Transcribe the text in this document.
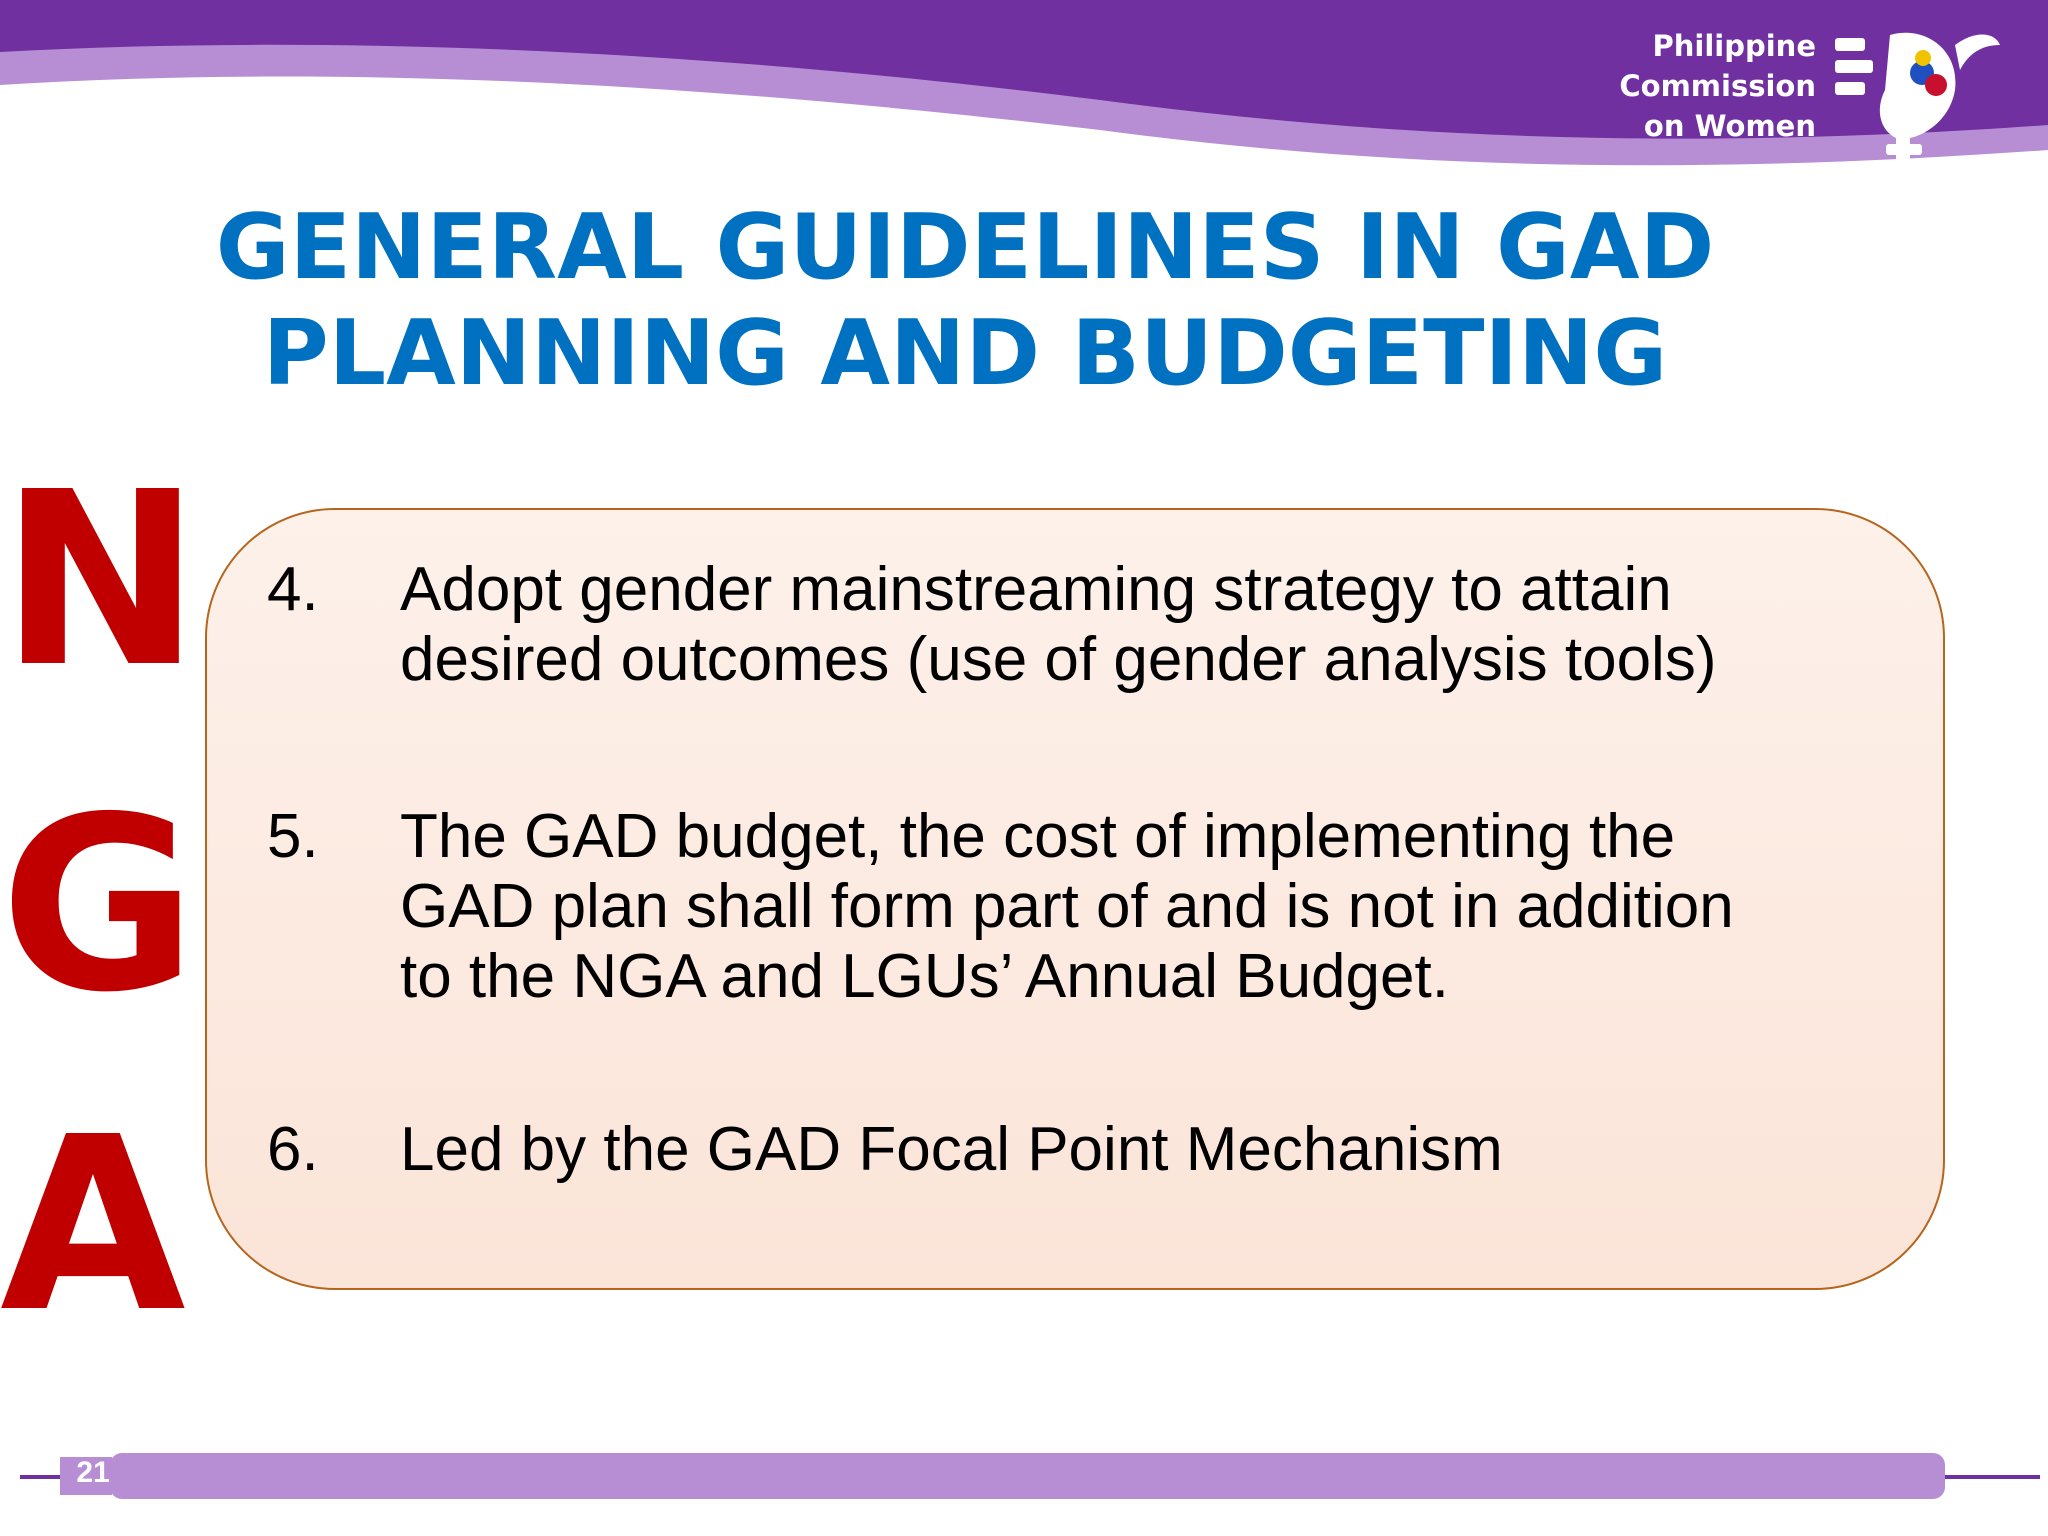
Philippine
Commission
on Women
GENERAL GUIDELINES IN GAD
PLANNING AND BUDGETING
N
G
A
4.	Adopt gender mainstreaming strategy to attain
desired outcomes (use of gender analysis tools)
5.	The GAD budget, the cost of implementing the
GAD plan shall form part of and is not in addition
to the NGA and LGUs’ Annual Budget.
6.	Led by the GAD Focal Point Mechanism
21
